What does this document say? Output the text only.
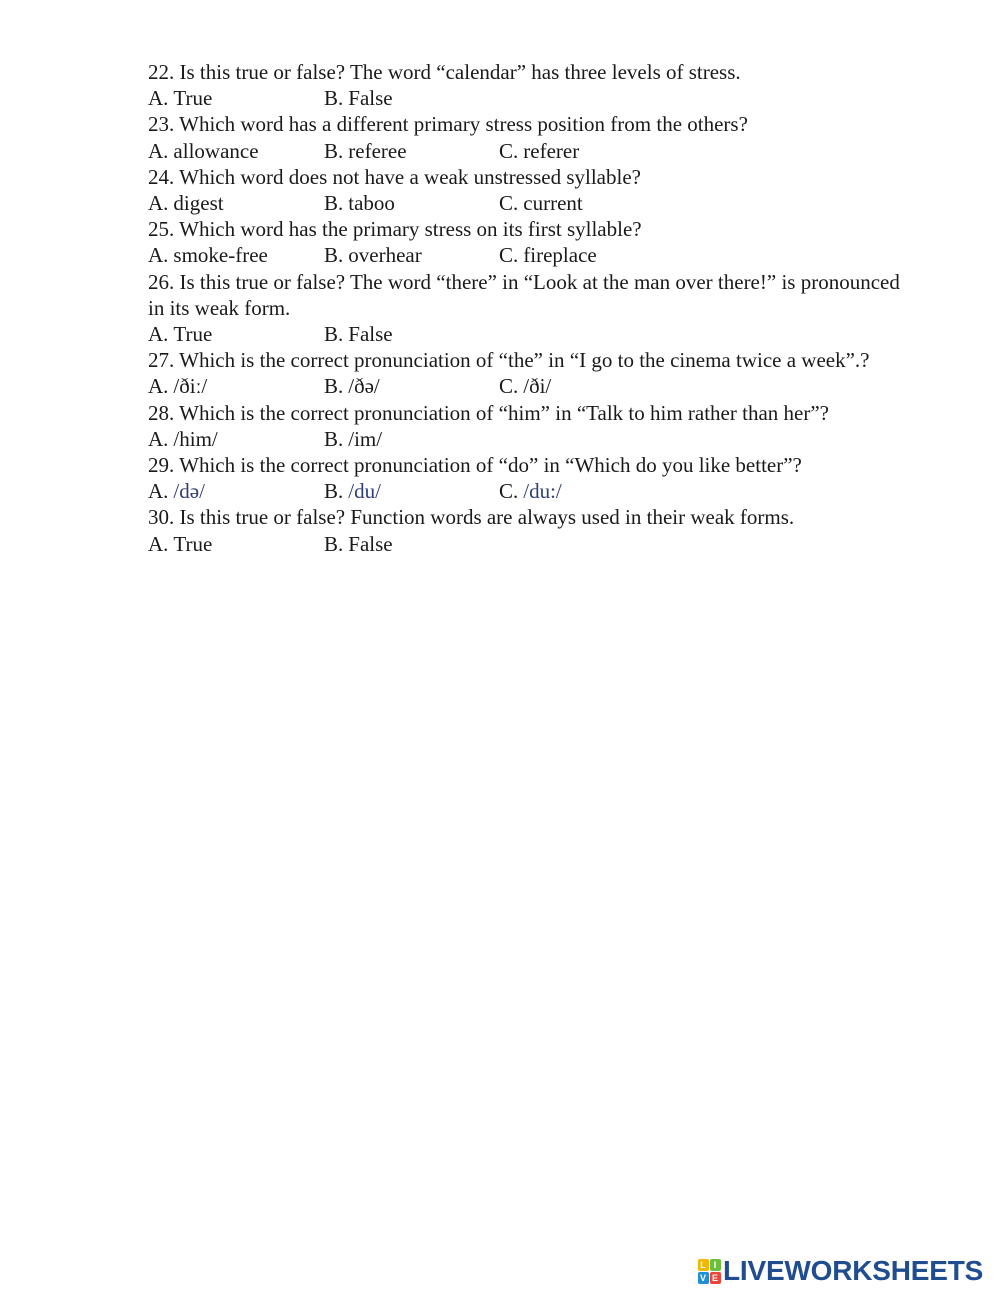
22. Is this true or false? The word “calendar” has three levels of stress.

A. True	B. False

23. Which word has a different primary stress position from the others?

A. allowance	B. referee	C. referer

24. Which word does not have a weak unstressed syllable?

A. digest	B. taboo	C. current

25. Which word has the primary stress on its first syllable?

A. smoke-free	B. overhear	C. fireplace

26. Is this true or false? The word “there” in “Look at the man over there!” is pronounced in its weak form.

A. True	B. False

27. Which is the correct pronunciation of “the” in “I go to the cinema twice a week”.?

A. /ðiː/	B. /ðə/	C. /ði/

28. Which is the correct pronunciation of “him” in “Talk to him rather than her”?

A. /him/	B. /im/

29. Which is the correct pronunciation of “do” in “Which do you like better”?

A. /də/	B. /du/	C. /du:/

30. Is this true or false? Function words are always used in their weak forms.

A. True	B. False
L I
V E LIVEWORKSHEETS
